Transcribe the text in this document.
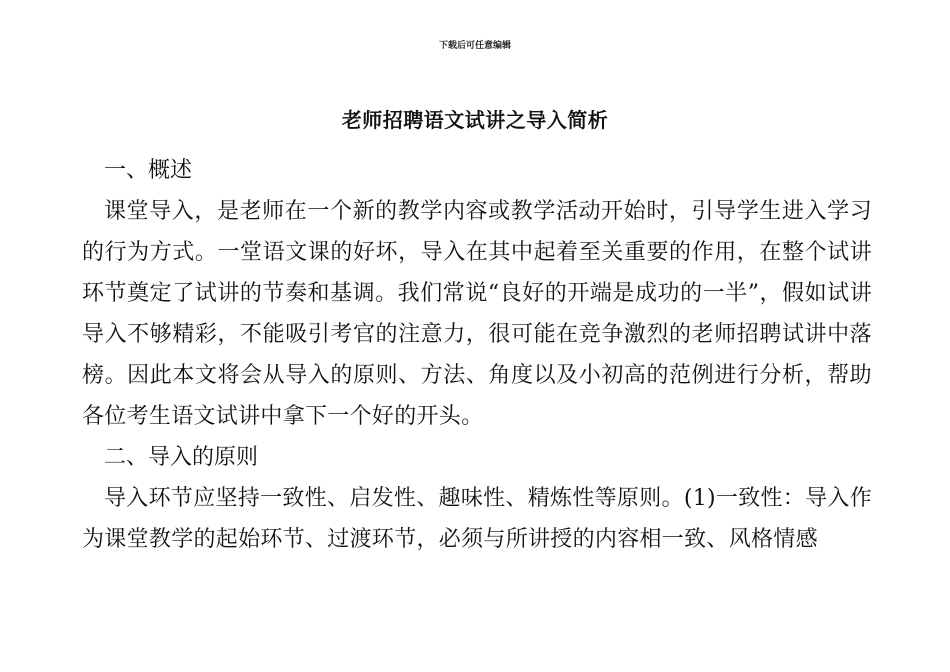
下载后可任意编辑
老师招聘语文试讲之导入简析

一、概述

课堂导入，是老师在一个新的教学内容或教学活动开始时，引导学生进入学习的行为方式。一堂语文课的好坏，导入在其中起着至关重要的作用，在整个试讲环节奠定了试讲的节奏和基调。我们常说“良好的开端是成功的一半”，假如试讲导入不够精彩，不能吸引考官的注意力，很可能在竞争激烈的老师招聘试讲中落榜。因此本文将会从导入的原则、方法、角度以及小初高的范例进行分析，帮助各位考生语文试讲中拿下一个好的开头。

二、导入的原则

导入环节应坚持一致性、启发性、趣味性、精炼性等原则。(1)一致性：导入作为课堂教学的起始环节、过渡环节，必须与所讲授的内容相一致、风格情感
